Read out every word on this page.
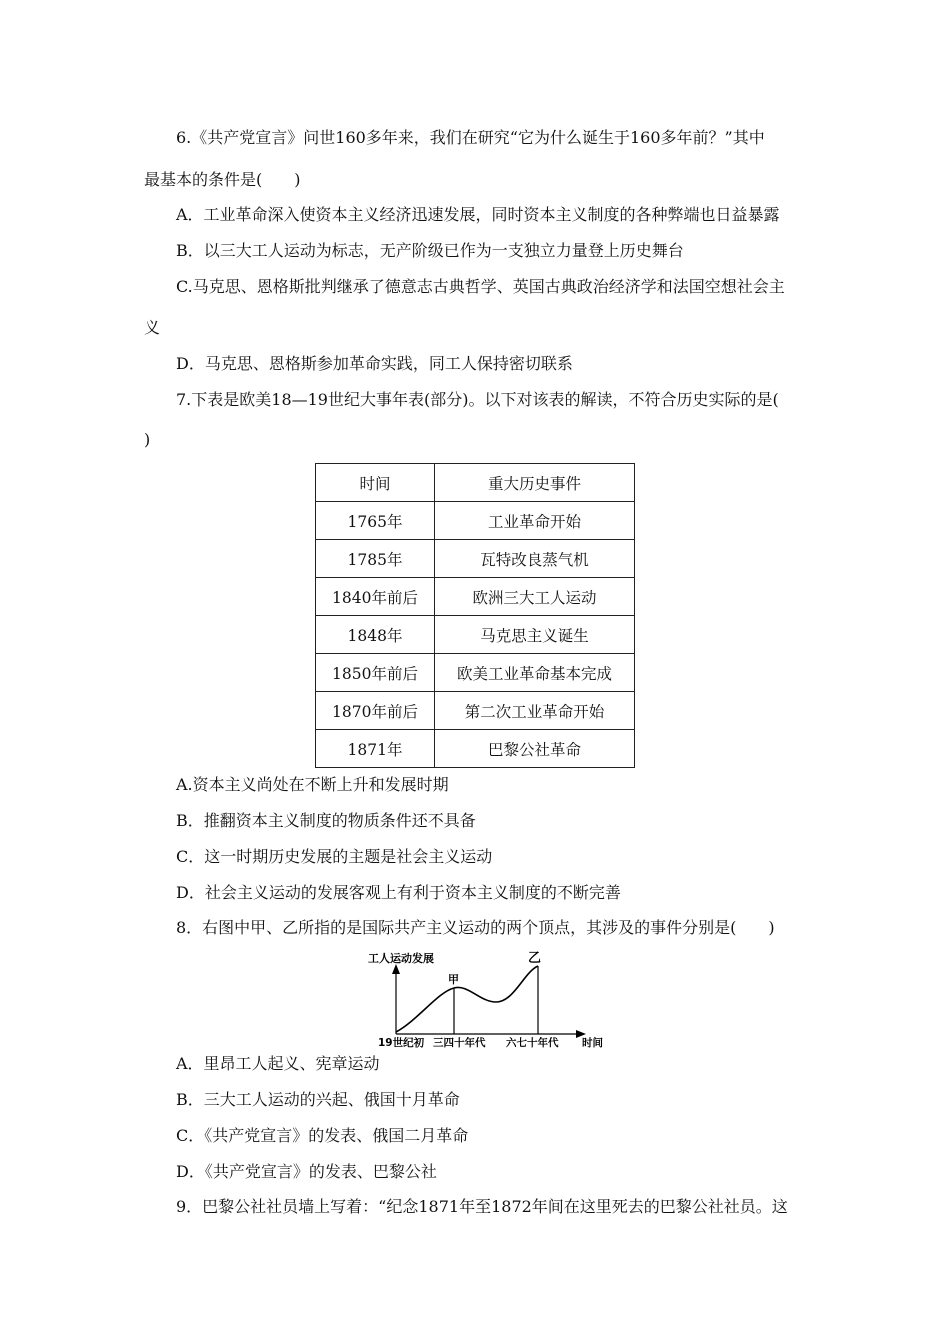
6.《共产党宣言》问世160多年来，我们在研究“它为什么诞生于160多年前？”其中
最基本的条件是(　　)
A．工业革命深入使资本主义经济迅速发展，同时资本主义制度的各种弊端也日益暴露
B．以三大工人运动为标志，无产阶级已作为一支独立力量登上历史舞台
C.马克思、恩格斯批判继承了德意志古典哲学、英国古典政治经济学和法国空想社会主
义
D．马克思、恩格斯参加革命实践，同工人保持密切联系
7.下表是欧美18—19世纪大事年表(部分)。以下对该表的解读，不符合历史实际的是(
)
时间	重大历史事件
1765年	工业革命开始
1785年	瓦特改良蒸气机
1840年前后	欧洲三大工人运动
1848年	马克思主义诞生
1850年前后	欧美工业革命基本完成
1870年前后	第二次工业革命开始
1871年	巴黎公社革命
A.资本主义尚处在不断上升和发展时期
B．推翻资本主义制度的物质条件还不具备
C．这一时期历史发展的主题是社会主义运动
D．社会主义运动的发展客观上有利于资本主义制度的不断完善
8．右图中甲、乙所指的是国际共产主义运动的两个顶点，其涉及的事件分别是(　　)
工人运动发展
甲
乙
19世纪初 三四十年代 六七十年代 时间
A．里昂工人起义、宪章运动
B．三大工人运动的兴起、俄国十月革命
C．《共产党宣言》的发表、俄国二月革命
D．《共产党宣言》的发表、巴黎公社
9．巴黎公社社员墙上写着：“纪念1871年至1872年间在这里死去的巴黎公社社员。这
